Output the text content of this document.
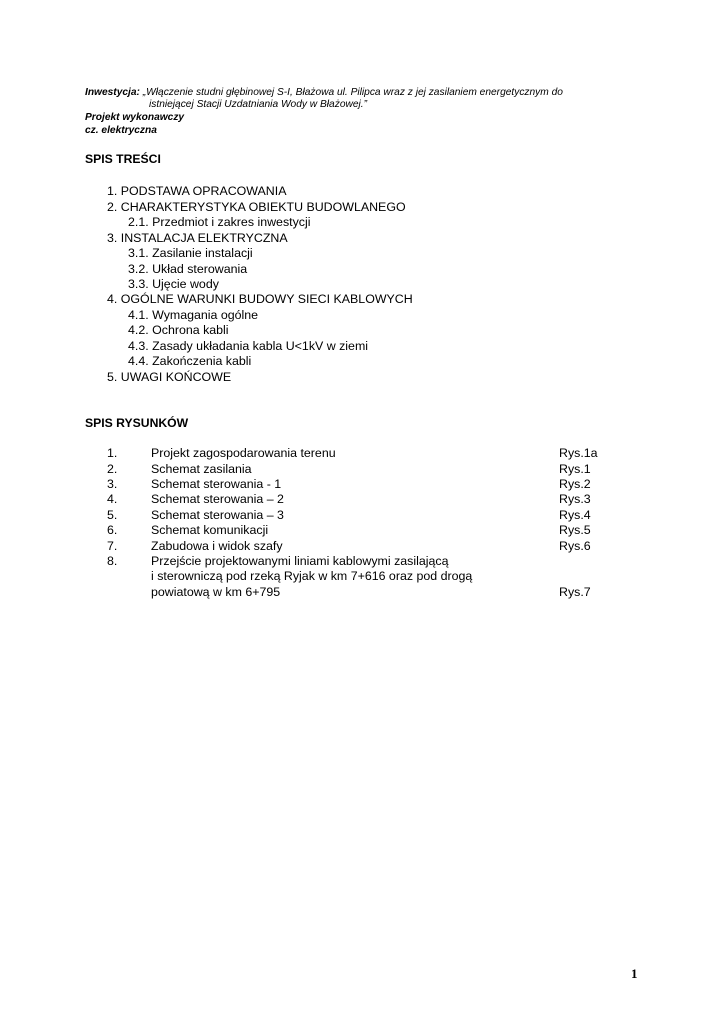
Inwestycja: „Włączenie studni głębinowej S-I, Błażowa ul. Pilipca wraz z jej zasilaniem energetycznym do
istniejącej Stacji Uzdatniania Wody w Błażowej.”
Projekt wykonawczy
cz. elektryczna
SPIS TREŚCI
1. PODSTAWA OPRACOWANIA
2. CHARAKTERYSTYKA OBIEKTU BUDOWLANEGO
2.1. Przedmiot i zakres inwestycji
3. INSTALACJA ELEKTRYCZNA
3.1. Zasilanie instalacji
3.2. Układ sterowania
3.3. Ujęcie wody
4. OGÓLNE WARUNKI BUDOWY SIECI KABLOWYCH
4.1. Wymagania ogólne
4.2. Ochrona kabli
4.3. Zasady układania kabla U<1kV w ziemi
4.4. Zakończenia kabli
5. UWAGI KOŃCOWE
SPIS RYSUNKÓW
1.	Projekt zagospodarowania terenu	Rys.1a
2.	Schemat zasilania	Rys.1
3.	Schemat sterowania - 1	Rys.2
4.	Schemat sterowania – 2	Rys.3
5.	Schemat sterowania – 3	Rys.4
6.	Schemat komunikacji	Rys.5
7.	Zabudowa i widok szafy	Rys.6
8.	Przejście projektowanymi liniami kablowymi zasilającą
i sterowniczą pod rzeką Ryjak w km 7+616 oraz pod drogą
powiatową w km 6+795	Rys.7
1
